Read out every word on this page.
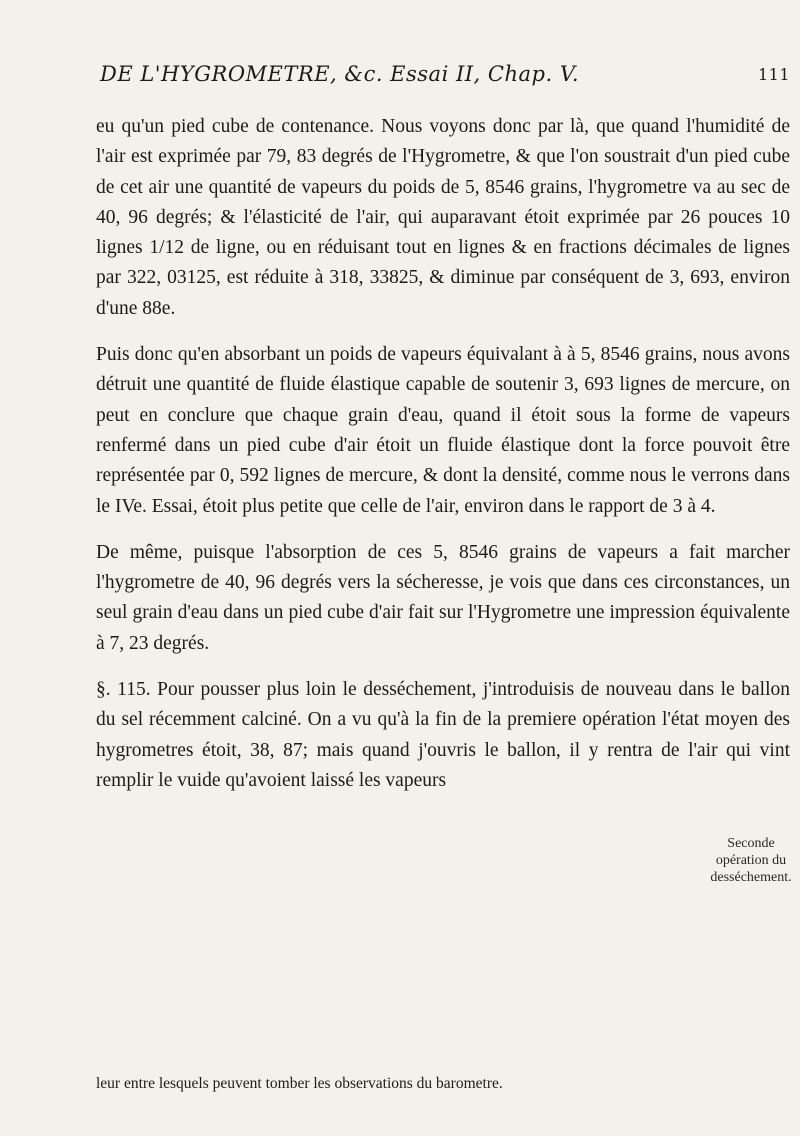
DE L'HYGROMETRE, &c. Essai II, Chap. V.	111

eu qu'un pied cube de contenance. Nous voyons donc par là, que quand l'humidité de l'air est exprimée par 79, 83 degrés de l'Hygrometre, & que l'on soustrait d'un pied cube de cet air une quantité de vapeurs du poids de 5, 8546 grains, l'hygrometre va au sec de 40, 96 degrés; & l'élasticité de l'air, qui auparavant étoit exprimée par 26 pouces 10 lignes 1/12 de ligne, ou en réduisant tout en lignes & en fractions décimales de lignes par 322, 03125, est réduite à 318, 33825, & diminue par conséquent de 3, 693, environ d'une 88e.

Puis donc qu'en absorbant un poids de vapeurs équivalant à à 5, 8546 grains, nous avons détruit une quantité de fluide élastique capable de soutenir 3, 693 lignes de mercure, on peut en conclure que chaque grain d'eau, quand il étoit sous la forme de vapeurs renfermé dans un pied cube d'air étoit un fluide élastique dont la force pouvoit être représentée par 0, 592 lignes de mercure, & dont la densité, comme nous le verrons dans le IVe. Essai, étoit plus petite que celle de l'air, environ dans le rapport de 3 à 4.

De même, puisque l'absorption de ces 5, 8546 grains de vapeurs a fait marcher l'hygrometre de 40, 96 degrés vers la sécheresse, je vois que dans ces circonstances, un seul grain d'eau dans un pied cube d'air fait sur l'Hygrometre une impression équivalente à 7, 23 degrés.

§. 115. Pour pousser plus loin le desséchement, j'introduisis de nouveau dans le ballon du sel récemment calciné. On a vu qu'à la fin de la premiere opération l'état moyen des hygrometres étoit, 38, 87; mais quand j'ouvris le ballon, il y rentra de l'air qui vint remplir le vuide qu'avoient laissé les vapeurs

Seconde opération du desséchement.
leur entre lesquels peuvent tomber les observations du barometre.
